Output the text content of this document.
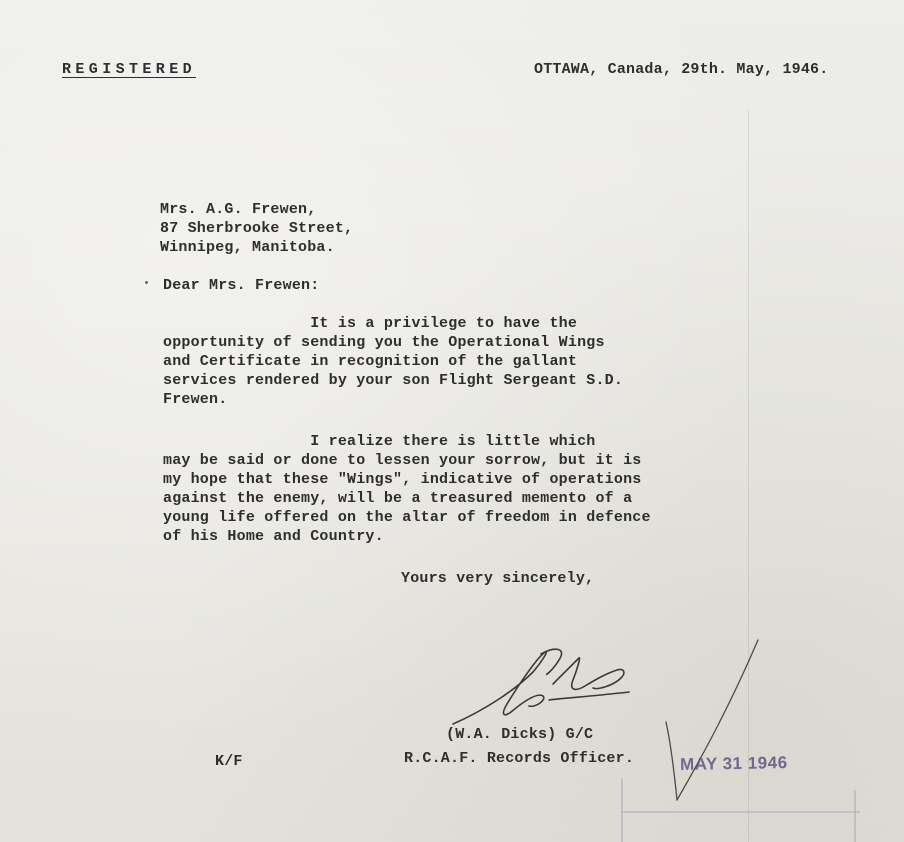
REGISTERED	OTTAWA, Canada, 29th. May, 1946.
Mrs. A.G. Frewen,
87 Sherbrooke Street,
Winnipeg, Manitoba.
Dear Mrs. Frewen:
It is a privilege to have the
opportunity of sending you the Operational Wings
and Certificate in recognition of the gallant
services rendered by your son Flight Sergeant S.D.
Frewen.
I realize there is little which
may be said or done to lessen your sorrow, but it is
my hope that these "Wings", indicative of operations
against the enemy, will be a treasured memento of a
young life offered on the altar of freedom in defence
of his Home and Country.
Yours very sincerely,
(W.A. Dicks) G/C
R.C.A.F. Records Officer.
K/F	MAY 31 1946
